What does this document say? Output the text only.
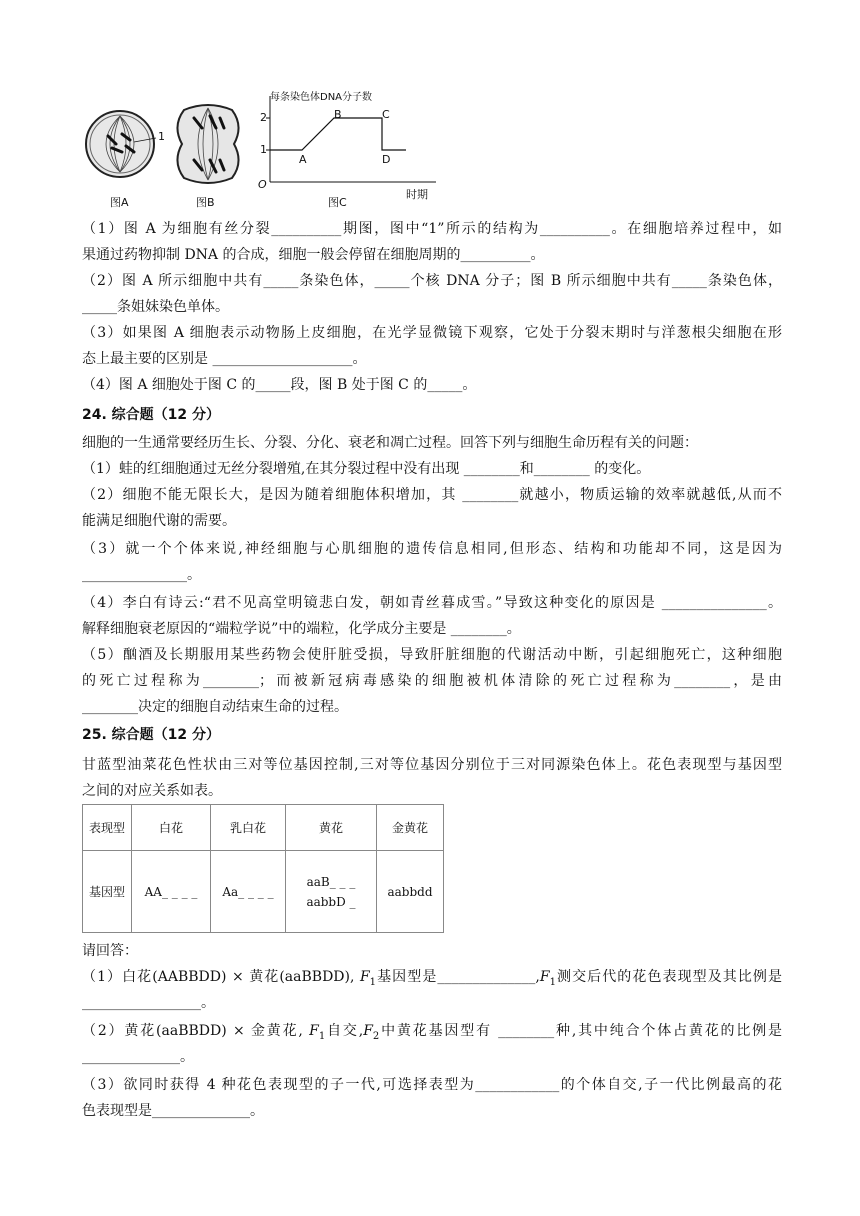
1
图A	图B
每条染色体DNA分子数
2
1
O
A
B	C
D
时期
图C
（1）图 A 为细胞有丝分裂__________期图，图中“1”所示的结构为__________。在细胞培养过程中，如
果通过药物抑制 DNA 的合成，细胞一般会停留在细胞周期的__________。
（2）图 A 所示细胞中共有_____条染色体，_____个核 DNA 分子；图 B 所示细胞中共有_____条染色体，
_____条姐妹染色单体。
（3）如果图 A 细胞表示动物肠上皮细胞，在光学显微镜下观察，它处于分裂末期时与洋葱根尖细胞在形
态上最主要的区别是 ____________________。
（4）图 A 细胞处于图 C 的_____段，图 B 处于图 C 的_____。
24. 综合题（12 分）
细胞的一生通常要经历生长、分裂、分化、衰老和凋亡过程。回答下列与细胞生命历程有关的问题：
（1）蛙的红细胞通过无丝分裂增殖,在其分裂过程中没有出现 ________和________ 的变化。
（2）细胞不能无限长大，是因为随着细胞体积增加，其 ________就越小，物质运输的效率就越低,从而不
能满足细胞代谢的需要。
（3）就一个个体来说,神经细胞与心肌细胞的遗传信息相同,但形态、结构和功能却不同，这是因为
_______________。
（4）李白有诗云:“君不见高堂明镜悲白发，朝如青丝暮成雪。”导致这种变化的原因是 _______________。
解释细胞衰老原因的“端粒学说”中的端粒，化学成分主要是 ________。
（5）酗酒及长期服用某些药物会使肝脏受损，导致肝脏细胞的代谢活动中断，引起细胞死亡，这种细胞
的死亡过程称为________；而被新冠病毒感染的细胞被机体清除的死亡过程称为________，是由
________决定的细胞自动结束生命的过程。
25. 综合题（12 分）
甘蓝型油菜花色性状由三对等位基因控制,三对等位基因分别位于三对同源染色体上。花色表现型与基因型
之间的对应关系如表。
表现型	白花	乳白花	黄花	金黄花
基因型	AA_ _ _ _	Aa_ _ _ _	aaB_ _ _
aabbD _	aabbdd
请回答：
（1）白花(AABBDD) × 黄花(aaBBDD), $F_1$基因型是$\_\_\_\_\_\_\_\_\_\_\_\_\_\_,F_1$测交后代的花色表现型及其比例是
_________________。
（2）黄花(aaBBDD) × 金黄花, $F_1$自交$,F_2$中黄花基因型有 ________种,其中纯合个体占黄花的比例是
______________。
（3）欲同时获得 4 种花色表现型的子一代,可选择表型为____________的个体自交,子一代比例最高的花
色表现型是______________。
